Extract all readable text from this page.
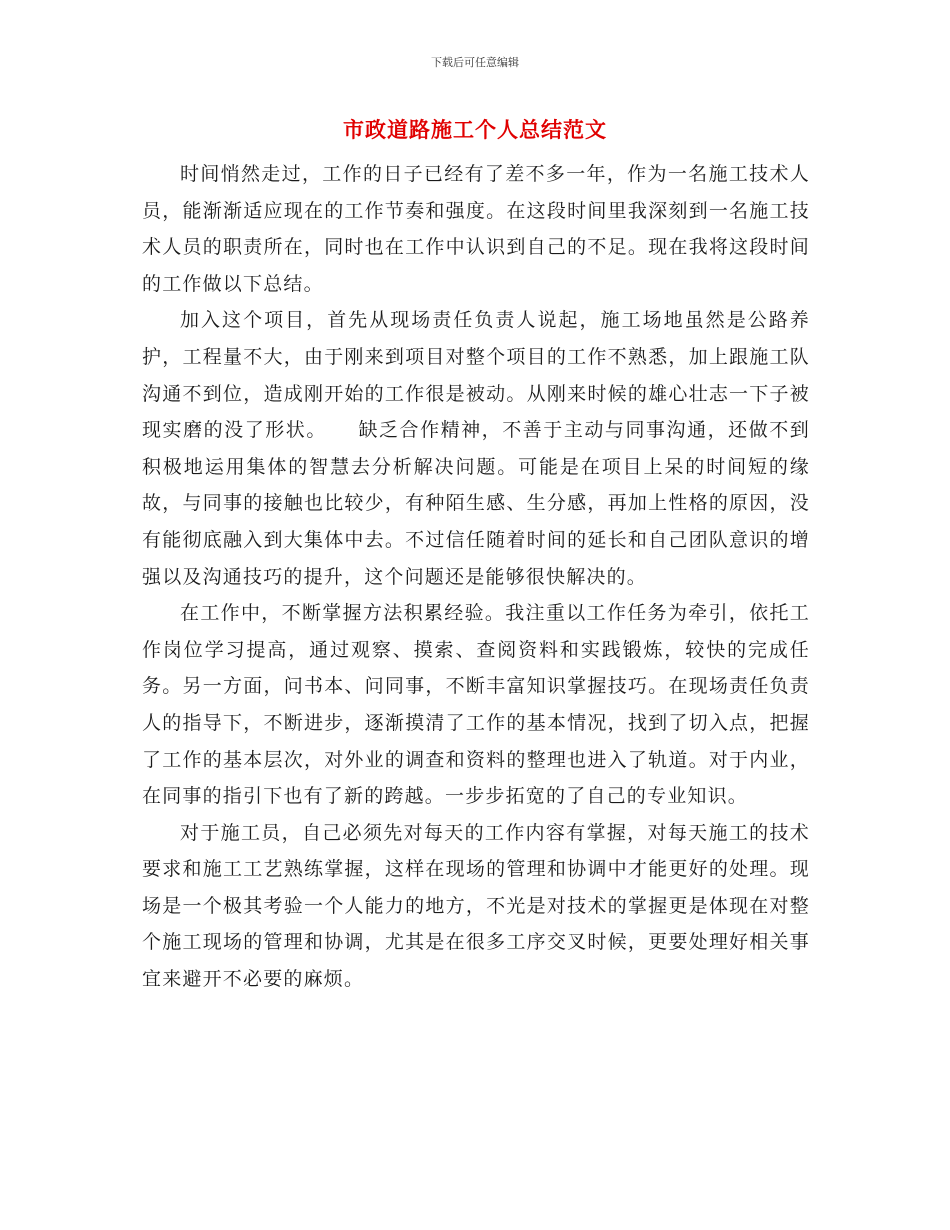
下载后可任意编辑
市政道路施工个人总结范文

时间悄然走过，工作的日子已经有了差不多一年，作为一名施工技术人员，能渐渐适应现在的工作节奏和强度。在这段时间里我深刻到一名施工技术人员的职责所在，同时也在工作中认识到自己的不足。现在我将这段时间的工作做以下总结。

加入这个项目，首先从现场责任负责人说起，施工场地虽然是公路养护，工程量不大，由于刚来到项目对整个项目的工作不熟悉，加上跟施工队沟通不到位，造成刚开始的工作很是被动。从刚来时候的雄心壮志一下子被现实磨的没了形状。　　缺乏合作精神，不善于主动与同事沟通，还做不到积极地运用集体的智慧去分析解决问题。可能是在项目上呆的时间短的缘故，与同事的接触也比较少，有种陌生感、生分感，再加上性格的原因，没有能彻底融入到大集体中去。不过信任随着时间的延长和自己团队意识的增强以及沟通技巧的提升，这个问题还是能够很快解决的。

在工作中，不断掌握方法积累经验。我注重以工作任务为牵引，依托工作岗位学习提高，通过观察、摸索、查阅资料和实践锻炼，较快的完成任务。另一方面，问书本、问同事，不断丰富知识掌握技巧。在现场责任负责人的指导下，不断进步，逐渐摸清了工作的基本情况，找到了切入点，把握了工作的基本层次，对外业的调查和资料的整理也进入了轨道。对于内业，在同事的指引下也有了新的跨越。一步步拓宽的了自己的专业知识。

对于施工员，自己必须先对每天的工作内容有掌握，对每天施工的技术要求和施工工艺熟练掌握，这样在现场的管理和协调中才能更好的处理。现场是一个极其考验一个人能力的地方，不光是对技术的掌握更是体现在对整个施工现场的管理和协调，尤其是在很多工序交叉时候，更要处理好相关事宜来避开不必要的麻烦。
